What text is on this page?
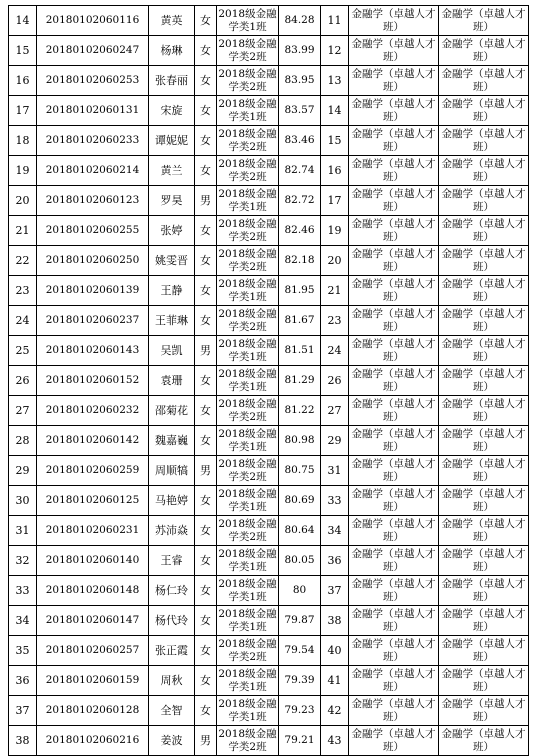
14	20180102060116	黄英	女	2018级金融学类1班	84.28	11	金融学（卓越人才班）	金融学（卓越人才班）
15	20180102060247	杨琳	女	2018级金融学类2班	83.99	12	金融学（卓越人才班）	金融学（卓越人才班）
16	20180102060253	张春丽	女	2018级金融学类2班	83.95	13	金融学（卓越人才班）	金融学（卓越人才班）
17	20180102060131	宋旋	女	2018级金融学类1班	83.57	14	金融学（卓越人才班）	金融学（卓越人才班）
18	20180102060233	谭妮妮	女	2018级金融学类2班	83.46	15	金融学（卓越人才班）	金融学（卓越人才班）
19	20180102060214	黄兰	女	2018级金融学类2班	82.74	16	金融学（卓越人才班）	金融学（卓越人才班）
20	20180102060123	罗昊	男	2018级金融学类1班	82.72	17	金融学（卓越人才班）	金融学（卓越人才班）
21	20180102060255	张婷	女	2018级金融学类2班	82.46	19	金融学（卓越人才班）	金融学（卓越人才班）
22	20180102060250	姚雯晋	女	2018级金融学类2班	82.18	20	金融学（卓越人才班）	金融学（卓越人才班）
23	20180102060139	王静	女	2018级金融学类1班	81.95	21	金融学（卓越人才班）	金融学（卓越人才班）
24	20180102060237	王菲琳	女	2018级金融学类2班	81.67	23	金融学（卓越人才班）	金融学（卓越人才班）
25	20180102060143	吴凯	男	2018级金融学类1班	81.51	24	金融学（卓越人才班）	金融学（卓越人才班）
26	20180102060152	袁珊	女	2018级金融学类1班	81.29	26	金融学（卓越人才班）	金融学（卓越人才班）
27	20180102060232	邵菊花	女	2018级金融学类2班	81.22	27	金融学（卓越人才班）	金融学（卓越人才班）
28	20180102060142	魏嘉巍	女	2018级金融学类1班	80.98	29	金融学（卓越人才班）	金融学（卓越人才班）
29	20180102060259	周顺犒	男	2018级金融学类2班	80.75	31	金融学（卓越人才班）	金融学（卓越人才班）
30	20180102060125	马艳婷	女	2018级金融学类1班	80.69	33	金融学（卓越人才班）	金融学（卓越人才班）
31	20180102060231	苏沛焱	女	2018级金融学类2班	80.64	34	金融学（卓越人才班）	金融学（卓越人才班）
32	20180102060140	王睿	女	2018级金融学类1班	80.05	36	金融学（卓越人才班）	金融学（卓越人才班）
33	20180102060148	杨仁玲	女	2018级金融学类1班	80	37	金融学（卓越人才班）	金融学（卓越人才班）
34	20180102060147	杨代玲	女	2018级金融学类1班	79.87	38	金融学（卓越人才班）	金融学（卓越人才班）
35	20180102060257	张正霞	女	2018级金融学类2班	79.54	40	金融学（卓越人才班）	金融学（卓越人才班）
36	20180102060159	周秋	女	2018级金融学类1班	79.39	41	金融学（卓越人才班）	金融学（卓越人才班）
37	20180102060128	全智	女	2018级金融学类1班	79.23	42	金融学（卓越人才班）	金融学（卓越人才班）
38	20180102060216	姜波	男	2018级金融学类2班	79.21	43	金融学（卓越人才班）	金融学（卓越人才班）
